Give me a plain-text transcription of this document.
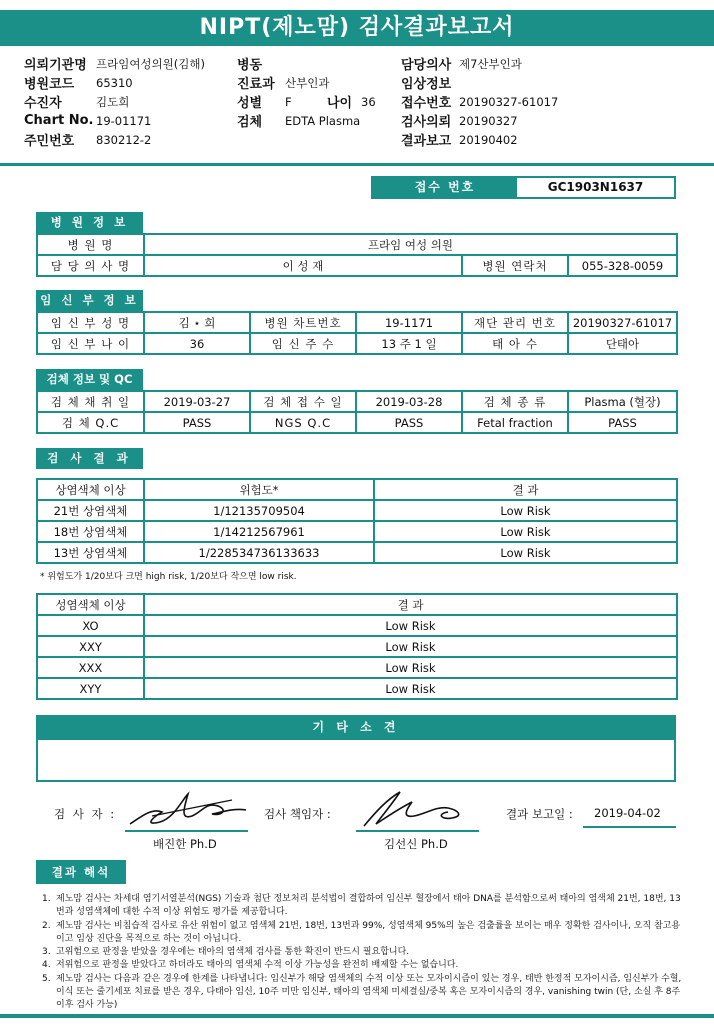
NIPT(제노맘) 검사결과보고서
의뢰기관명 프라임여성의원(김해)
병원코드	65310
수진자	김도희
Chart No. 19-01171
주민번호	830212-2
병동
진료과 산부인과
성별	F	나이 36
검체	EDTA Plasma
담당의사 제7산부인과
임상정보
접수번호 20190327-61017
검사의뢰 20190327
결과보고 20190402
접수 번호	GC1903N1637
병 원 정 보
병 원 명	프라임 여성 의원		
담 당 의 사 명	이 성 재	병원 연락처	055-328-0059
임 신 부 정 보
임 신 부 성 명	김 ⋆ 희	병원 차트번호	19-1171	재단 관리 번호	20190327-61017
임 신 부 나 이	36	임 신 주 수	13 주 1 일	태 아 수	단태아
검체 정보 및 QC
검 체 채 취 일	2019-03-27	검 체 접 수 일	2019-03-28	검 체 종 류	Plasma (혈장)
검 체 Q.C	PASS	NGS Q.C	PASS	Fetal fraction	PASS
검 사 결 과
상염색체 이상	위험도*	결 과
21번 상염색체	1/12135709504	Low Risk
18번 상염색체	1/14212567961	Low Risk
13번 상염색체	1/228534736133633	Low Risk
* 위험도가 1/20보다 크면 high risk, 1/20보다 작으면 low risk.
성염색체 이상	결 과
XO	Low Risk
XXY	Low Risk
XXX	Low Risk
XYY	Low Risk
기 타 소 견
검 사 자 :
배진한 Ph.D
검사 책임자 :
김선신 Ph.D
결과 보고일 : 2019-04-02
결과 해석
1. 제노맘 검사는 차세대 염기서열분석(NGS) 기술과 첨단 정보처리 분석법이 결합하여 임신부 혈장에서 태아 DNA를 분석함으로써 태아의 염색체 21번, 18번, 13번과 성염색체에 대한 수적 이상 위험도 평가를 제공합니다.
2. 제노맘 검사는 비침습적 검사로 유산 위험이 없고 염색체 21번, 18번, 13번과 99%, 성염색체 95%의 높은 검출률을 보이는 매우 정확한 검사이나, 오직 참고용이고 임상 진단을 목적으로 하는 것이 아닙니다.
3. 고위험으로 판정을 받았을 경우에는 태아의 염색체 검사를 통한 확진이 반드시 필요합니다.
4. 저위험으로 판정을 받았다고 하더라도 태아의 염색체 수적 이상 가능성을 완전히 배제할 수는 없습니다.
5. 제노맘 검사는 다음과 같은 경우에 한계를 나타냅니다: 임신부가 해당 염색체의 수적 이상 또는 모자이시즘이 있는 경우, 태반 한정적 모자이시즘, 임신부가 수혈, 이식 또는 줄기세포 치료를 받은 경우, 다태아 임신, 10주 미만 임신부, 태아의 염색체 미세결실/중복 혹은 모자이시즘의 경우, vanishing twin (단, 소실 후 8주 이후 검사 가능)
